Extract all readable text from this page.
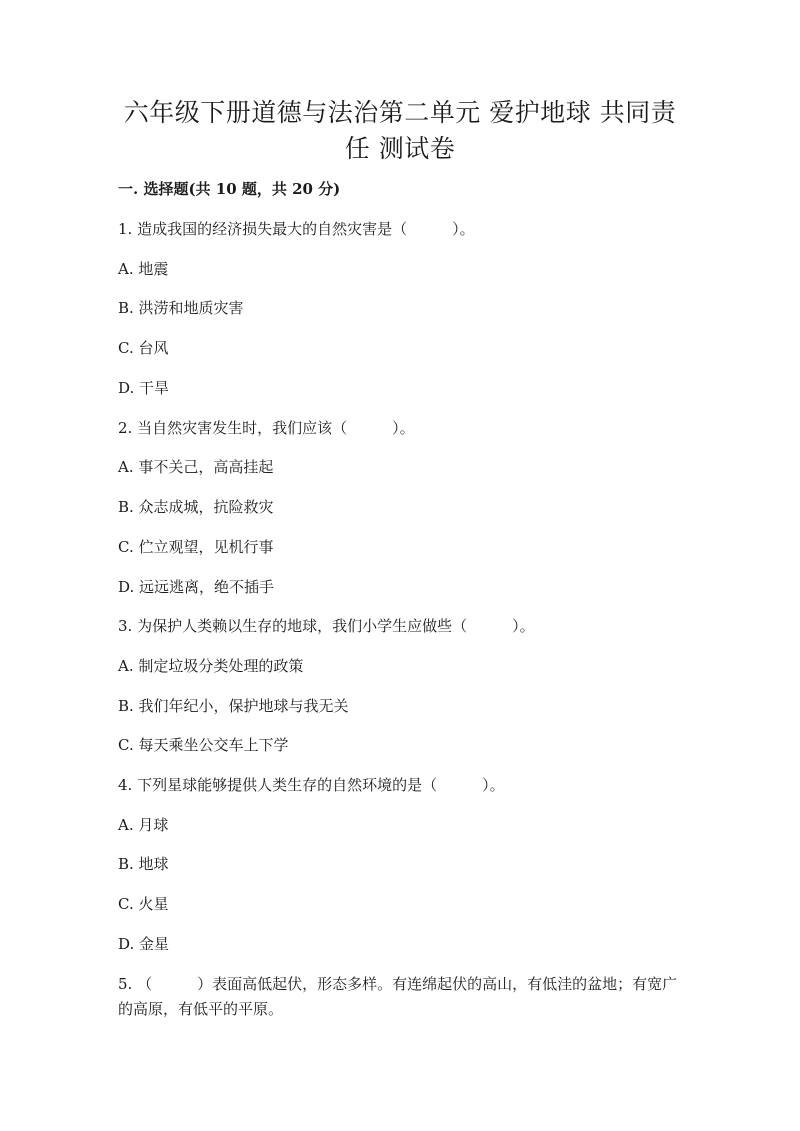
六年级下册道德与法治第二单元 爱护地球 共同责
任 测试卷

一. 选择题(共 10 题，共 20 分)

1. 造成我国的经济损失最大的自然灾害是（　　　）。

A. 地震

B. 洪涝和地质灾害

C. 台风

D. 干旱

2. 当自然灾害发生时，我们应该（　　　）。

A. 事不关己，高高挂起

B. 众志成城，抗险救灾

C. 伫立观望，见机行事

D. 远远逃离，绝不插手

3. 为保护人类赖以生存的地球，我们小学生应做些（　　　）。

A. 制定垃圾分类处理的政策

B. 我们年纪小，保护地球与我无关

C. 每天乘坐公交车上下学

4. 下列星球能够提供人类生存的自然环境的是（　　　）。

A. 月球

B. 地球

C. 火星

D. 金星

5. （　　　）表面高低起伏，形态多样。有连绵起伏的高山，有低洼的盆地；有宽广的高原，有低平的平原。
